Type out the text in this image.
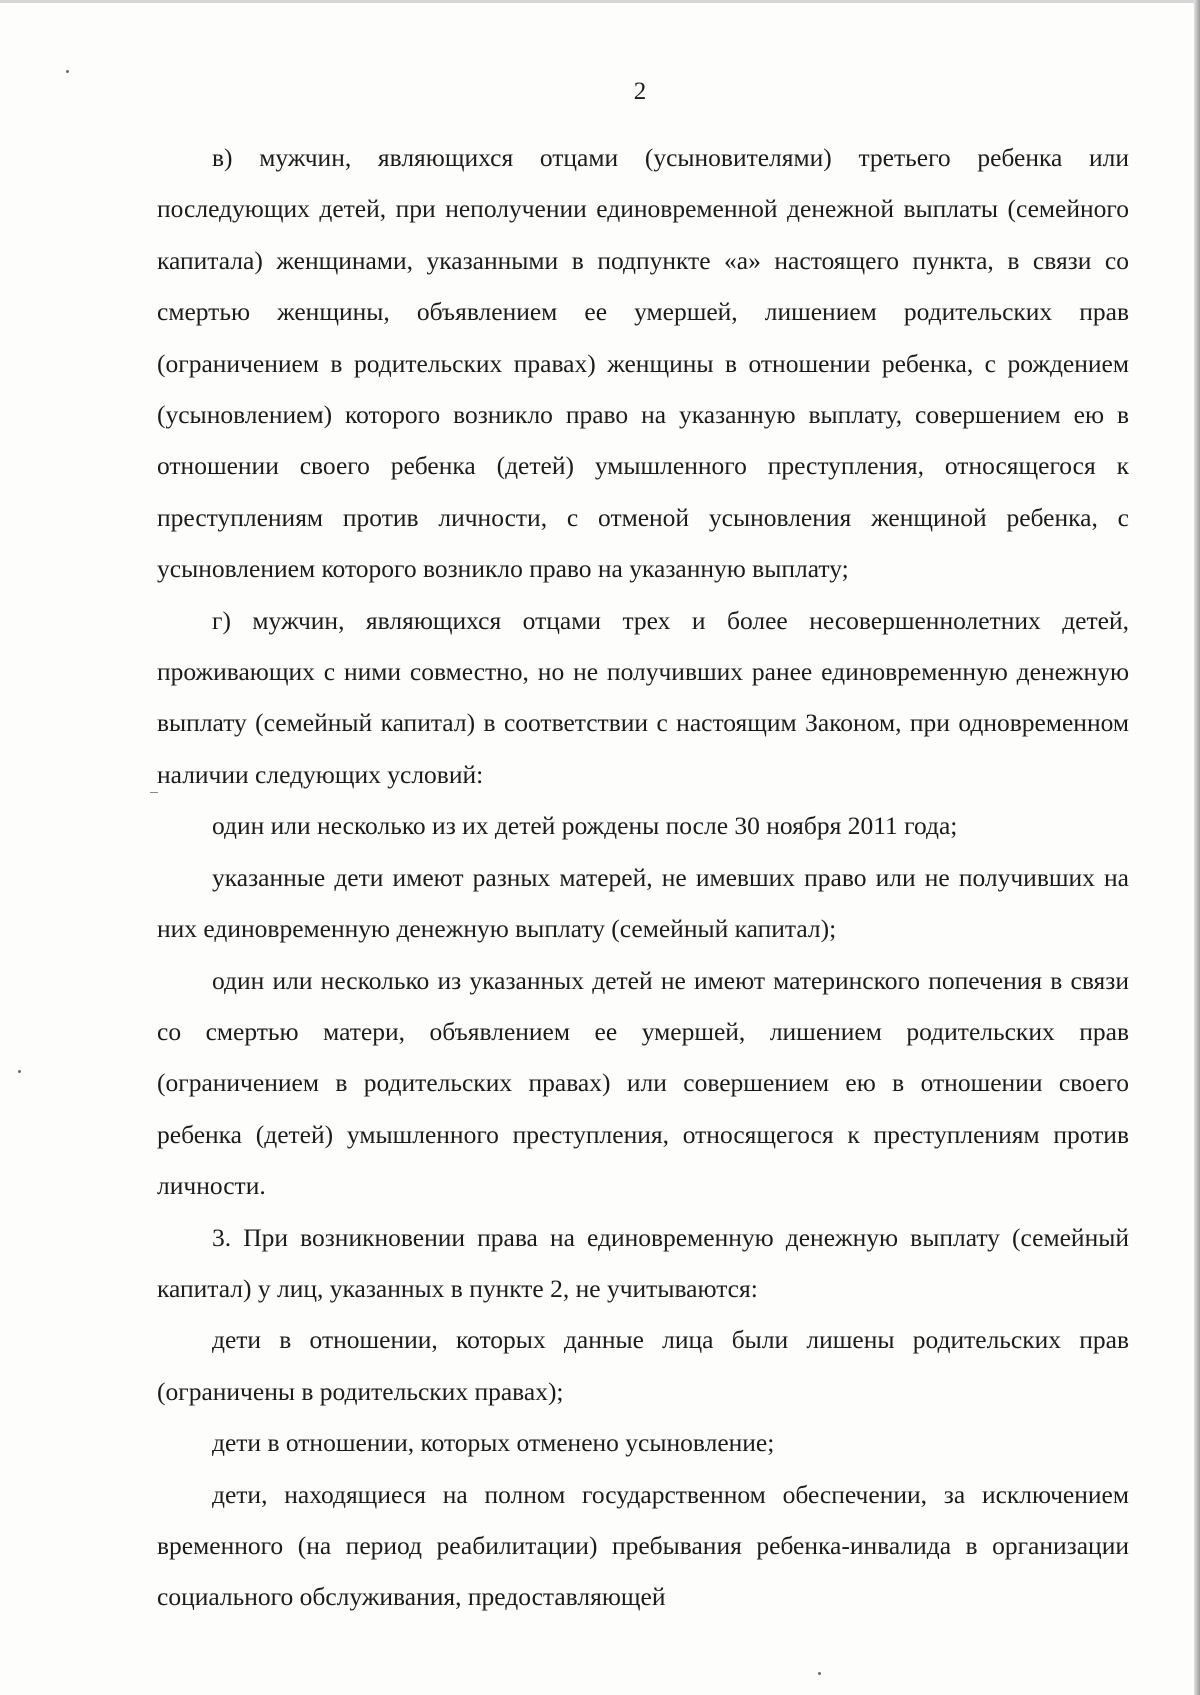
2

в) мужчин, являющихся отцами (усыновителями) третьего ребенка или последующих детей, при неполучении единовременной денежной выплаты (семейного капитала) женщинами, указанными в подпункте «а» настоящего пункта, в связи со смертью женщины, объявлением ее умершей, лишением родительских прав (ограничением в родительских правах) женщины в отношении ребенка, с рождением (усыновлением) которого возникло право на указанную выплату, совершением ею в отношении своего ребенка (детей) умышленного преступления, относящегося к преступлениям против личности, с отменой усыновления женщиной ребенка, с усыновлением которого возникло право на указанную выплату;

г) мужчин, являющихся отцами трех и более несовершеннолетних детей, проживающих с ними совместно, но не получивших ранее единовременную денежную выплату (семейный капитал) в соответствии с настоящим Законом, при одновременном наличии следующих условий:

один или несколько из их детей рождены после 30 ноября 2011 года;

указанные дети имеют разных матерей, не имевших право или не получивших на них единовременную денежную выплату (семейный капитал);

один или несколько из указанных детей не имеют материнского попечения в связи со смертью матери, объявлением ее умершей, лишением родительских прав (ограничением в родительских правах) или совершением ею в отношении своего ребенка (детей) умышленного преступления, относящегося к преступлениям против личности.

3. При возникновении права на единовременную денежную выплату (семейный капитал) у лиц, указанных в пункте 2, не учитываются:

дети в отношении, которых данные лица были лишены родительских прав (ограничены в родительских правах);

дети в отношении, которых отменено усыновление;

дети, находящиеся на полном государственном обеспечении, за исключением временного (на период реабилитации) пребывания ребенка-инвалида в организации социального обслуживания, предоставляющей
